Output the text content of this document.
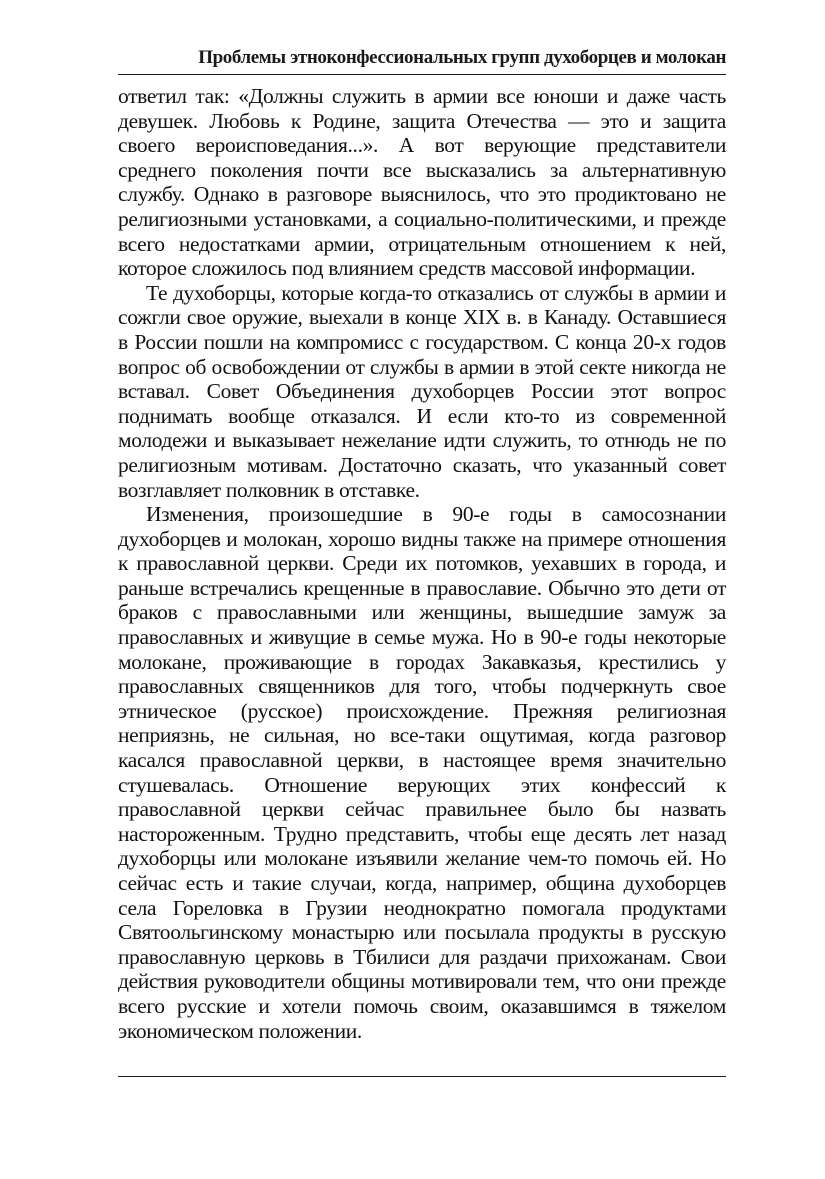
Проблемы этноконфессиональных групп духоборцев и молокан

ответил так: «Должны служить в армии все юноши и даже часть девушек. Любовь к Родине, защита Отечества — это и защита своего вероисповедания...». А вот верующие представители среднего поколения почти все высказались за альтернативную службу. Однако в разговоре выяснилось, что это продиктовано не религиозными установками, а социально-политическими, и прежде всего недостатками армии, отрицательным отношением к ней, которое сложилось под влиянием средств массовой информации.

Те духоборцы, которые когда-то отказались от службы в армии и сожгли свое оружие, выехали в конце XIX в. в Канаду. Оставшиеся в России пошли на компромисс с государством. С конца 20-х годов вопрос об освобождении от службы в армии в этой секте никогда не вставал. Совет Объединения духоборцев России этот вопрос поднимать вообще отказался. И если кто-то из современной молодежи и выказывает нежелание идти служить, то отнюдь не по религиозным мотивам. Достаточно сказать, что указанный совет возглавляет полковник в отставке.

Изменения, произошедшие в 90-е годы в самосознании духоборцев и молокан, хорошо видны также на примере отношения к православной церкви. Среди их потомков, уехавших в города, и раньше встречались крещенные в православие. Обычно это дети от браков с православными или женщины, вышедшие замуж за православных и живущие в семье мужа. Но в 90-е годы некоторые молокане, проживающие в городах Закавказья, крестились у православных священников для того, чтобы подчеркнуть свое этническое (русское) происхождение. Прежняя религиозная неприязнь, не сильная, но все-таки ощутимая, когда разговор касался православной церкви, в настоящее время значительно стушевалась. Отношение верующих этих конфессий к православной церкви сейчас правильнее было бы назвать настороженным. Трудно представить, чтобы еще десять лет назад духоборцы или молокане изъявили желание чем-то помочь ей. Но сейчас есть и такие случаи, когда, например, община духоборцев села Гореловка в Грузии неоднократно помогала продуктами Святоольгинскому монастырю или посылала продукты в русскую православную церковь в Тбилиси для раздачи прихожанам. Свои действия руководители общины мотивировали тем, что они прежде всего русские и хотели помочь своим, оказавшимся в тяжелом экономическом положении.
